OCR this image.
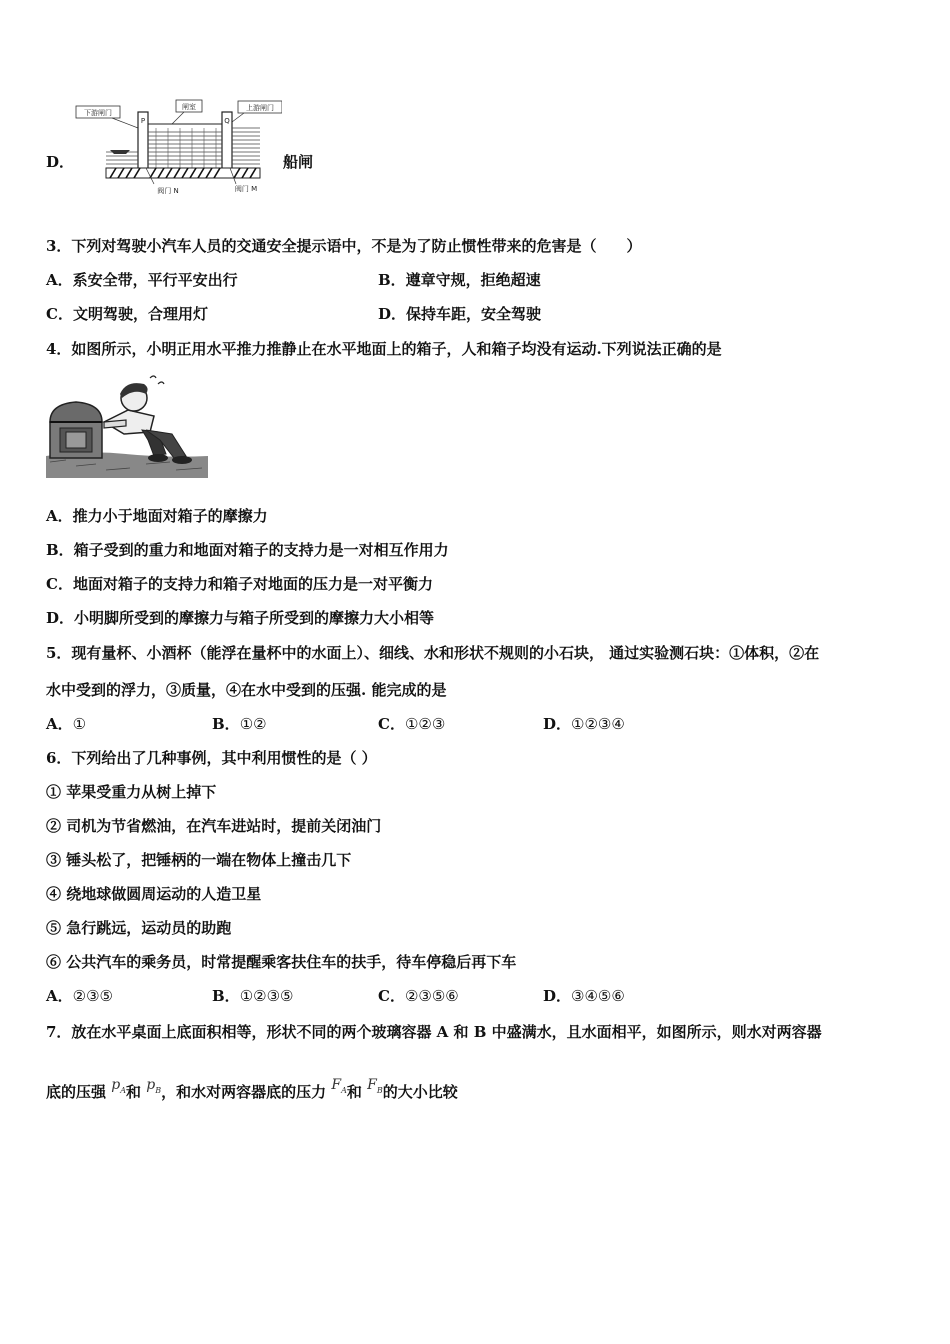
D．
下游闸门
闸室	上游闸门
P	Q
阀门 N	阀门 M
船闸
3．下列对驾驶小汽车人员的交通安全提示语中，不是为了防止惯性带来的危害是（　　）
A．系安全带，平行平安出行	B．遵章守规，拒绝超速
C．文明驾驶，合理用灯	D．保持车距，安全驾驶
4．如图所示，小明正用水平推力推静止在水平地面上的箱子，人和箱子均没有运动.下列说法正确的是
A．推力小于地面对箱子的摩擦力
B．箱子受到的重力和地面对箱子的支持力是一对相互作用力
C．地面对箱子的支持力和箱子对地面的压力是一对平衡力
D．小明脚所受到的摩擦力与箱子所受到的摩擦力大小相等
5．现有量杯、小酒杯（能浮在量杯中的水面上）、细线、水和形状不规则的小石块， 通过实验测石块：①体积，②在
水中受到的浮力，③质量，④在水中受到的压强. 能完成的是
A．①	B．①②	C．①②③	D．①②③④
6．下列给出了几种事例，其中利用惯性的是（ ）
① 苹果受重力从树上掉下
② 司机为节省燃油，在汽车进站时，提前关闭油门
③ 锤头松了，把锤柄的一端在物体上撞击几下
④ 绕地球做圆周运动的人造卫星
⑤ 急行跳远，运动员的助跑
⑥ 公共汽车的乘务员，时常提醒乘客扶住车的扶手，待车停稳后再下车
A．②③⑤	B．①②③⑤	C．②③⑤⑥	D．③④⑤⑥
7．放在水平桌面上底面积相等，形状不同的两个玻璃容器 A 和 B 中盛满水，且水面相平，如图所示，则水对两容器
底的压强 $p_A$和 $p_B$，和水对两容器底的压力 $F_A$和 $F_B$的大小比较
